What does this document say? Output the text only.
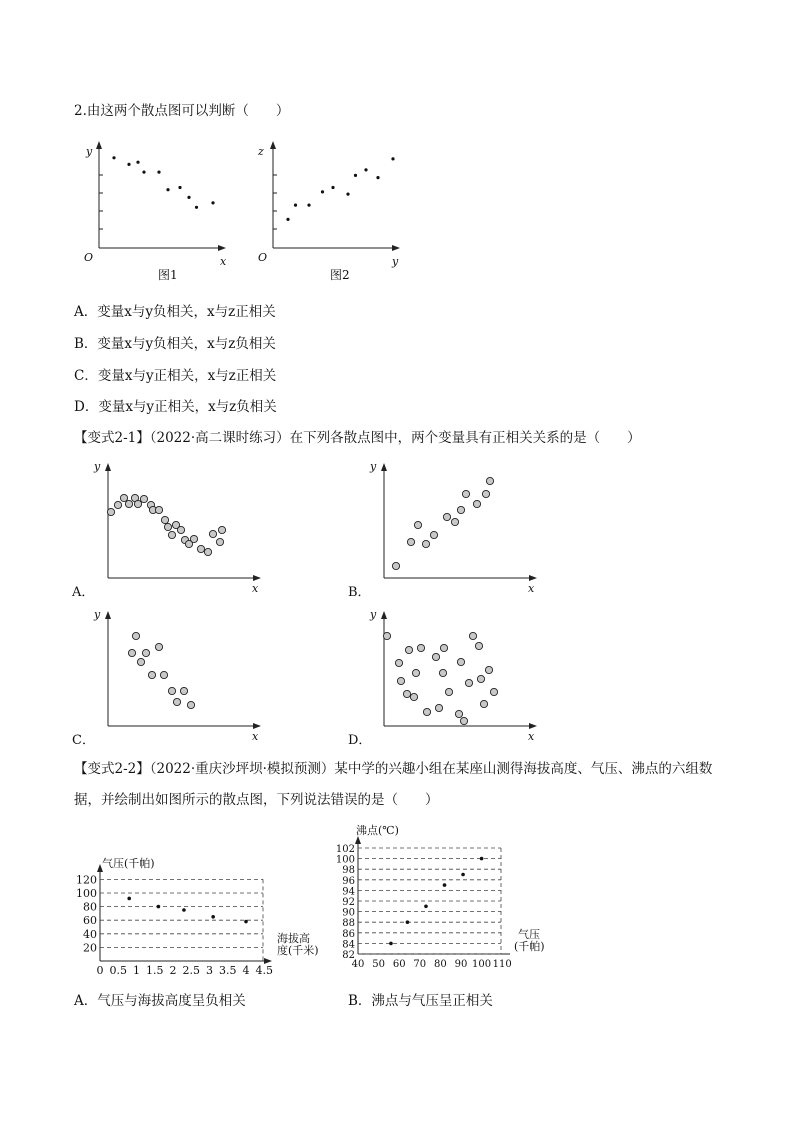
2.由这两个散点图可以判断（　　）
y
O	x
图1
z
O	y
图2
A．变量x与y负相关，x与z正相关
B．变量x与y负相关，x与z负相关
C．变量x与y正相关，x与z正相关
D．变量x与y正相关，x与z负相关
【变式2-1】（2022·高二课时练习）在下列各散点图中，两个变量具有正相关关系的是（　　）
y
x
A．
y
x
B．
y
x
C．
y
x
D．
【变式2-2】（2022·重庆沙坪坝·模拟预测）某中学的兴趣小组在某座山测得海拔高度、气压、沸点的六组数
据，并绘制出如图所示的散点图，下列说法错误的是（　　）
气压(千帕)
20
40
60
80
100
120
0 0.5 1 1.5 2 2.5 3 3.5 4 4.5
海拔高
度(千米)
沸点(℃)
82
84
86
88
90
92
94
96
98
100
102
40 50 60 70 80 90 100 110
气压
(千帕)
A．气压与海拔高度呈负相关	B．沸点与气压呈正相关
